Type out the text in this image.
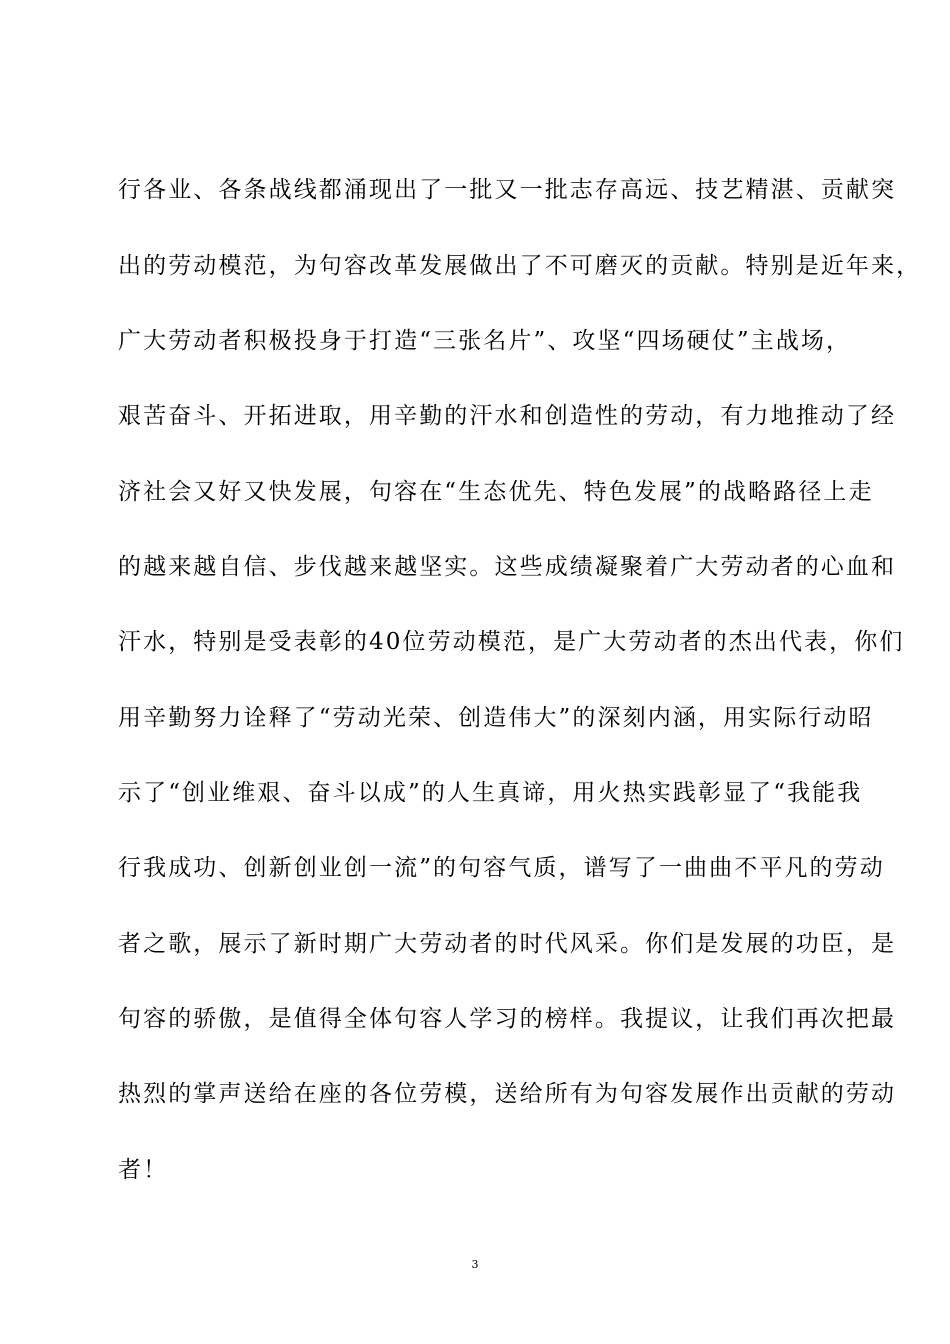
行各业、各条战线都涌现出了一批又一批志存高远、技艺精湛、贡献突
出的劳动模范，为句容改革发展做出了不可磨灭的贡献。特别是近年来，
广大劳动者积极投身于打造“三张名片”、攻坚“四场硬仗”主战场，
艰苦奋斗、开拓进取，用辛勤的汗水和创造性的劳动，有力地推动了经
济社会又好又快发展，句容在“生态优先、特色发展”的战略路径上走
的越来越自信、步伐越来越坚实。这些成绩凝聚着广大劳动者的心血和
汗水，特别是受表彰的40位劳动模范，是广大劳动者的杰出代表，你们
用辛勤努力诠释了“劳动光荣、创造伟大”的深刻内涵，用实际行动昭
示了“创业维艰、奋斗以成”的人生真谛，用火热实践彰显了“我能我
行我成功、创新创业创一流”的句容气质，谱写了一曲曲不平凡的劳动
者之歌，展示了新时期广大劳动者的时代风采。你们是发展的功臣，是
句容的骄傲，是值得全体句容人学习的榜样。我提议，让我们再次把最
热烈的掌声送给在座的各位劳模，送给所有为句容发展作出贡献的劳动
者！
3
